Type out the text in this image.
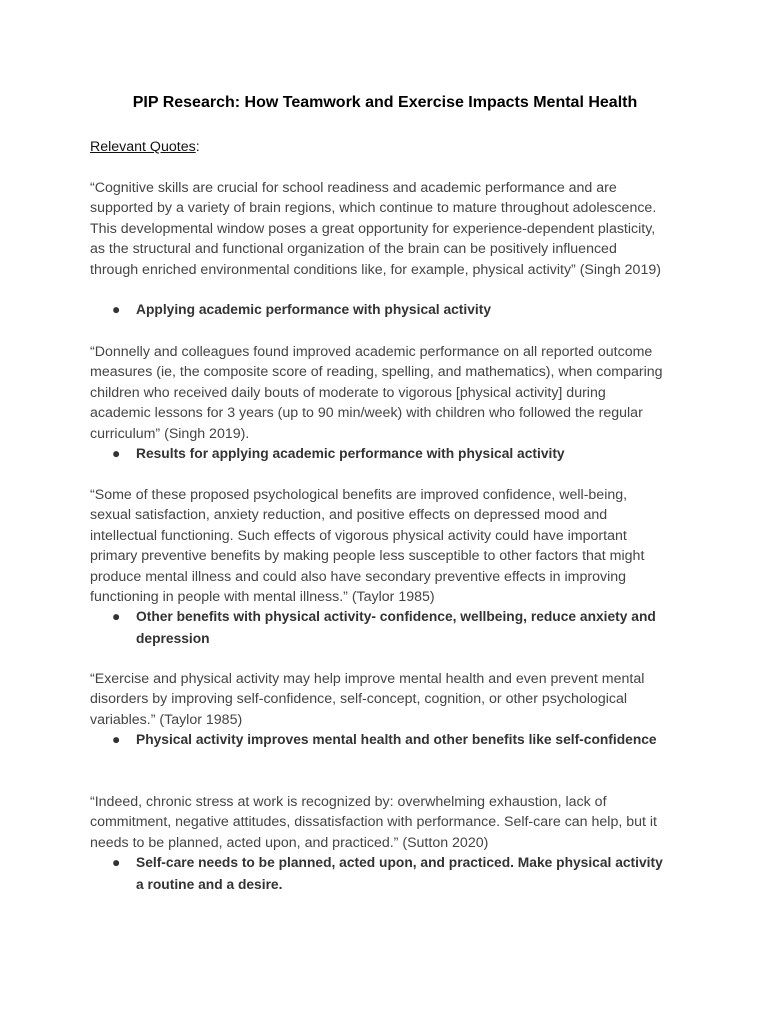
PIP Research: How Teamwork and Exercise Impacts Mental Health
Relevant Quotes:
“Cognitive skills are crucial for school readiness and academic performance and are supported by a variety of brain regions, which continue to mature throughout adolescence. This developmental window poses a great opportunity for experience-dependent plasticity, as the structural and functional organization of the brain can be positively influenced through enriched environmental conditions like, for example, physical activity” (Singh 2019)
● Applying academic performance with physical activity
“Donnelly and colleagues found improved academic performance on all reported outcome measures (ie, the composite score of reading, spelling, and mathematics), when comparing children who received daily bouts of moderate to vigorous [physical activity] during academic lessons for 3 years (up to 90 min/week) with children who followed the regular curriculum” (Singh 2019).
● Results for applying academic performance with physical activity
“Some of these proposed psychological benefits are improved confidence, well-being, sexual satisfaction, anxiety reduction, and positive effects on depressed mood and intellectual functioning. Such effects of vigorous physical activity could have important primary preventive benefits by making people less susceptible to other factors that might produce mental illness and could also have secondary preventive effects in improving functioning in people with mental illness.” (Taylor 1985)
● Other benefits with physical activity- confidence, wellbeing, reduce anxiety and depression
“Exercise and physical activity may help improve mental health and even prevent mental disorders by improving self-confidence, self-concept, cognition, or other psychological variables.” (Taylor 1985)
● Physical activity improves mental health and other benefits like self-confidence
“Indeed, chronic stress at work is recognized by: overwhelming exhaustion, lack of commitment, negative attitudes, dissatisfaction with performance. Self-care can help, but it needs to be planned, acted upon, and practiced.” (Sutton 2020)
● Self-care needs to be planned, acted upon, and practiced. Make physical activity a routine and a desire.
